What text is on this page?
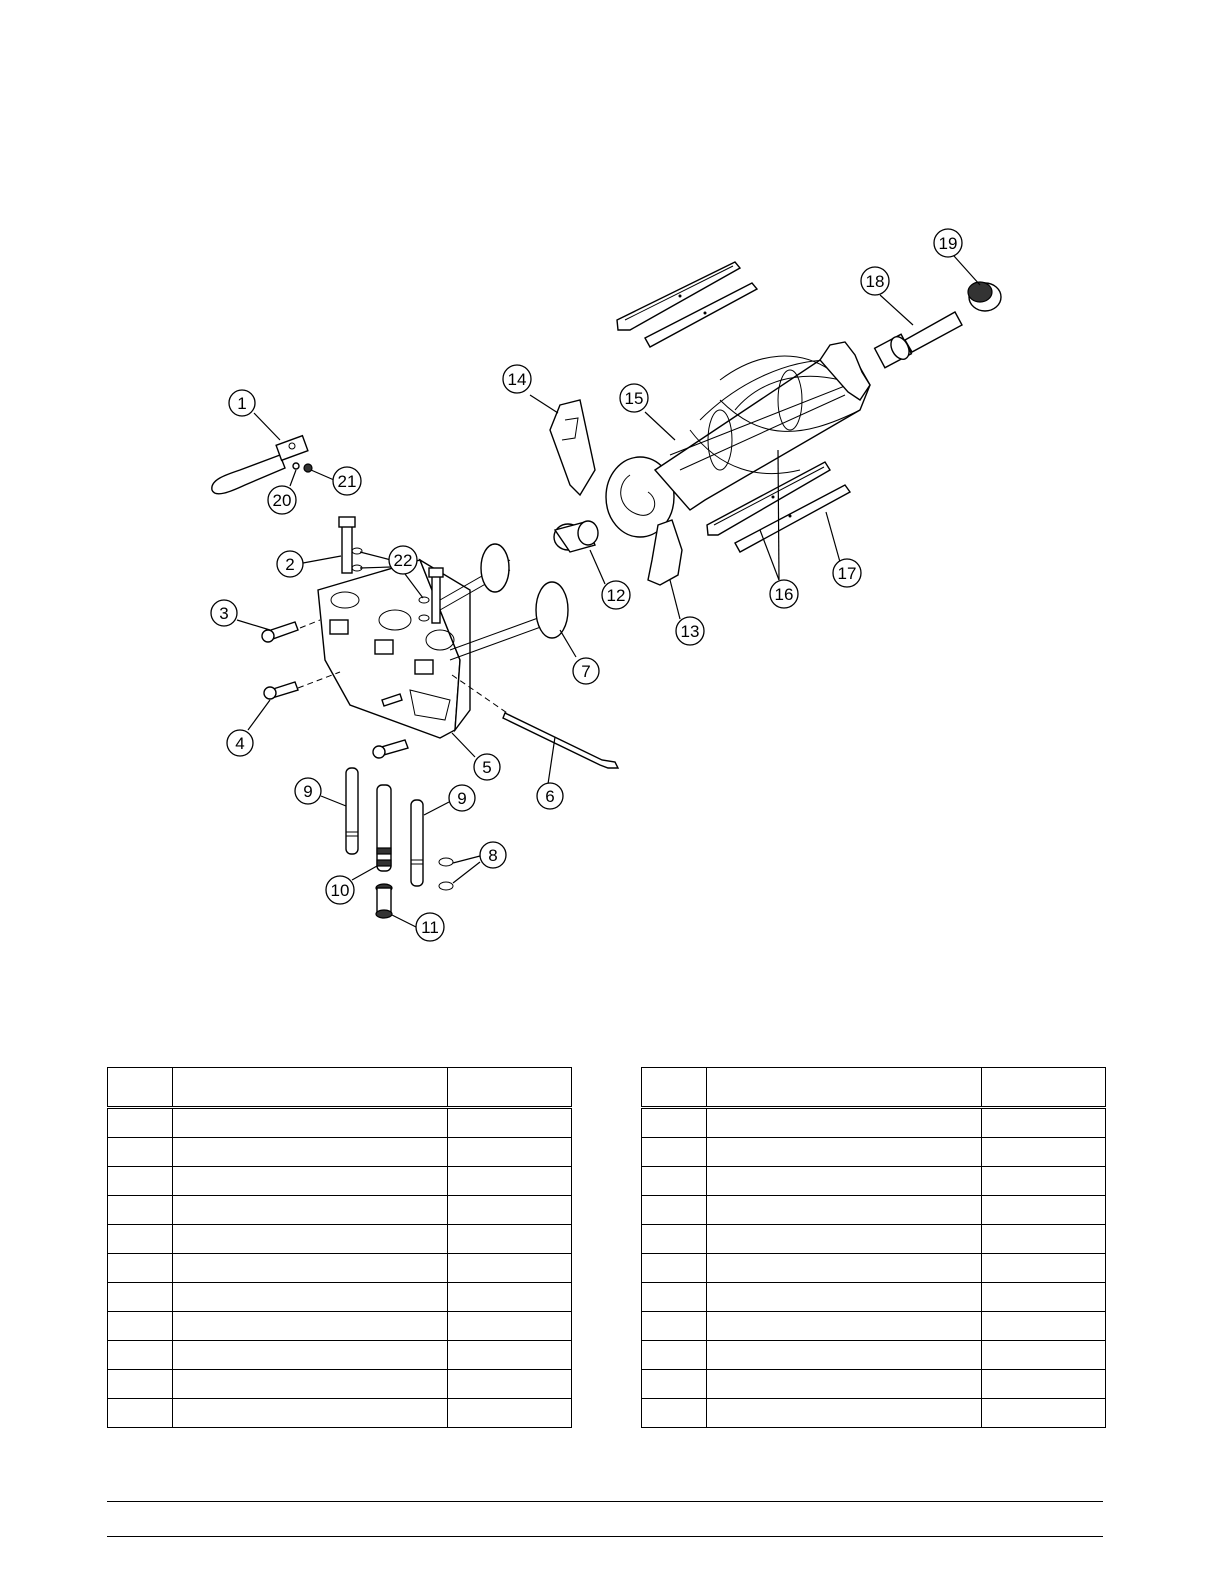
1
2
3
4
5
6
7
8
9	9
10
11
12
13
14
15
16
17
18
19
20
21
22
